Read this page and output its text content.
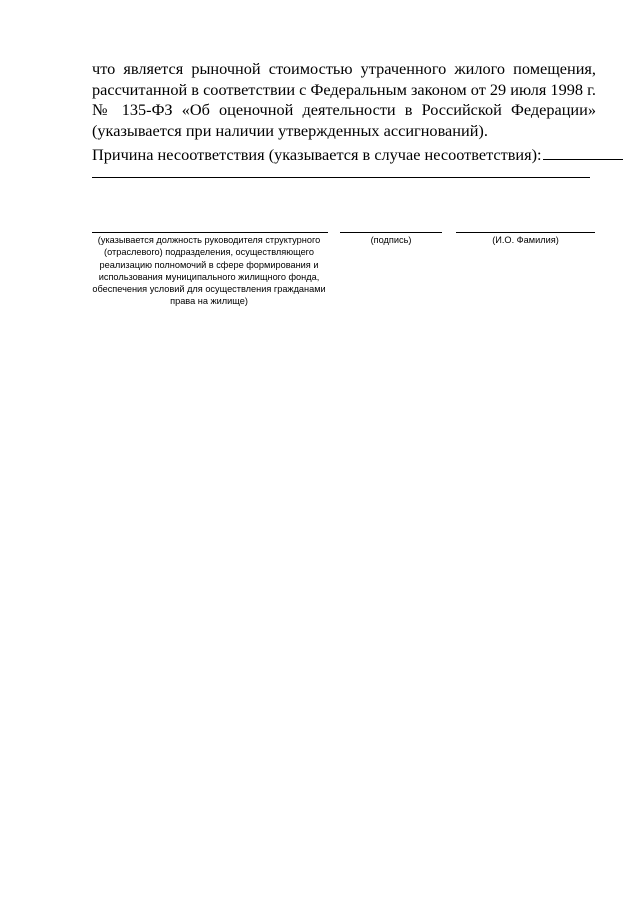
что является рыночной стоимостью утраченного жилого помещения,
рассчитанной в соответствии с Федеральным законом от 29 июля 1998 г.
№ 135-ФЗ «Об оценочной деятельности в Российской Федерации»
(указывается при наличии утвержденных ассигнований).
Причина несоответствия (указывается в случае несоответствия):
(указывается должность руководителя структурного (отраслевого) подразделения, осуществляющего реализацию полномочий в сфере формирования и использования муниципального жилищного фонда, обеспечения условий для осуществления гражданами права на жилище)
(подпись)	(И.О. Фамилия)
